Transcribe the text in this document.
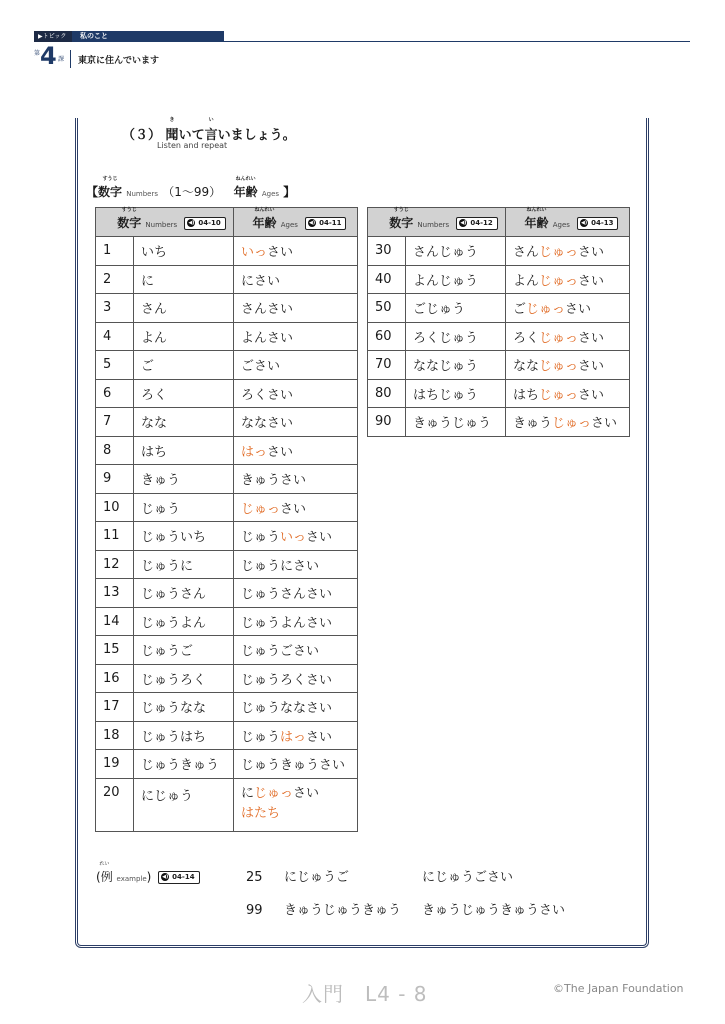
▶トピック	私のこと
第 4 課 東京に住んでいます
（３）
き
聞いて
い
言いましょう。
Listen and repeat
【
すうじ
数字 Numbers （1～99）
ねんれい
年齢 Ages 】
すうじ
数字 Numbers ◀) 04-10		ねんれい
年齢 Ages ◀) 04-11
1	いち	いっさい
2	に	にさい
3	さん	さんさい
4	よん	よんさい
5	ご	ごさい
6	ろく	ろくさい
7	なな	ななさい
8	はち	はっさい
9	きゅう	きゅうさい
10	じゅう	じゅっさい
11	じゅういち	じゅういっさい
12	じゅうに	じゅうにさい
13	じゅうさん	じゅうさんさい
14	じゅうよん	じゅうよんさい
15	じゅうご	じゅうごさい
16	じゅうろく	じゅうろくさい
17	じゅうなな	じゅうななさい
18	じゅうはち	じゅうはっさい
19	じゅうきゅう	じゅうきゅうさい
20	にじゅう	にじゅっさい
はたち
すうじ
数字 Numbers ◀) 04-12		ねんれい
年齢 Ages ◀) 04-13
30	さんじゅう	さんじゅっさい
40	よんじゅう	よんじゅっさい
50	ごじゅう	ごじゅっさい
60	ろくじゅう	ろくじゅっさい
70	ななじゅう	ななじゅっさい
80	はちじゅう	はちじゅっさい
90	きゅうじゅう	きゅうじゅっさい
れい
(例 example) ◀) 04-14	25 にじゅうご	にじゅうごさい
99 きゅうじゅうきゅう きゅうじゅうきゅうさい
入門　L4 - 8	©The Japan Foundation
